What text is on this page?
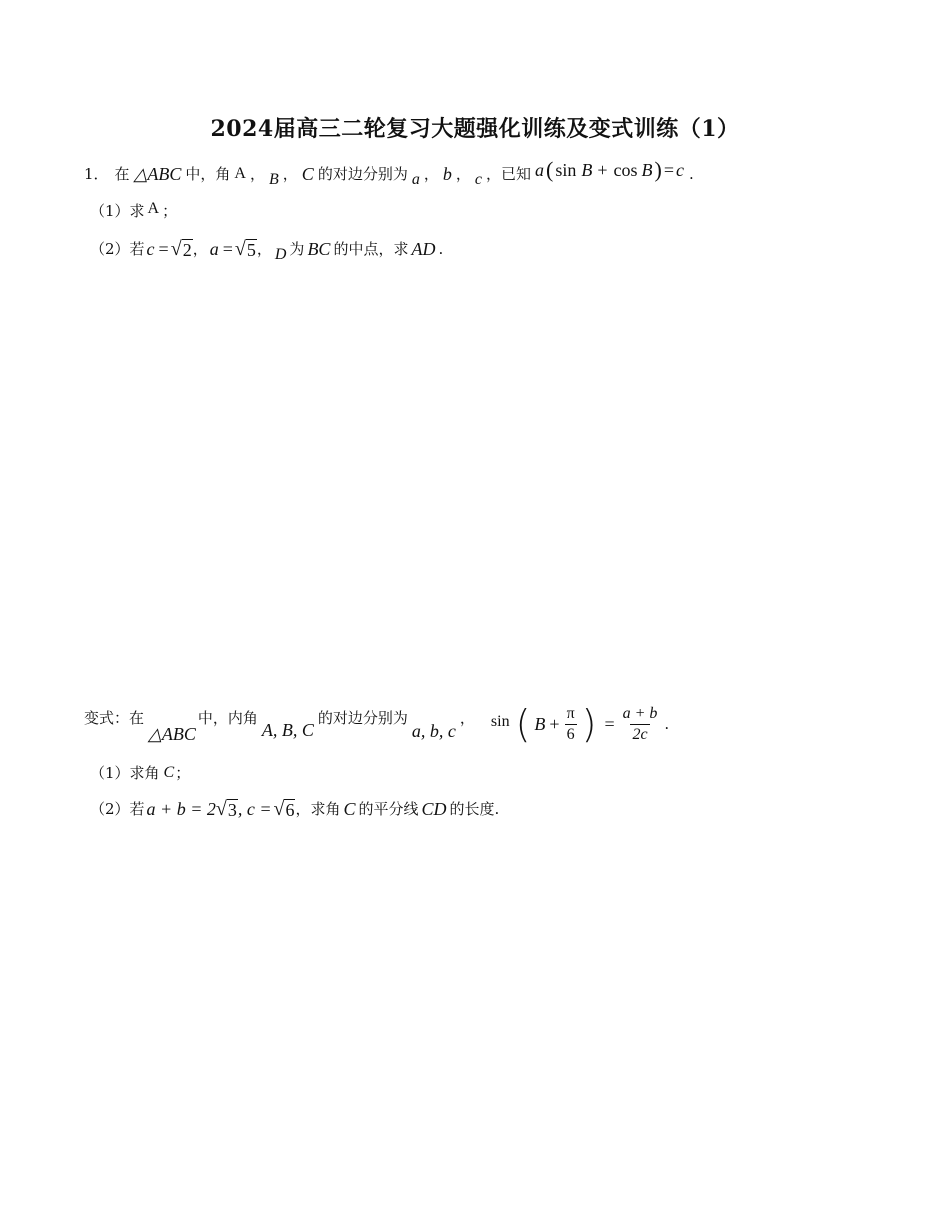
2024届高三二轮复习大题强化训练及变式训练（1）
1． 在 △ABC 中，角 A ， B ， C 的对边分别为 a ， b ， c ，已知 a ( sin B + cos B ) = c .
（1）求 A ；
（2）若 c = √ 2 ， a = √ 5 ， D 为 BC 的中点，求 AD .
变式：在
△ABC
中，内角
A, B, C
的对边分别为
a, b, c
， sin ( $B + \frac{\pi}{6}$ ) = $\frac{a + b}{2c}$ .
（1）求角 C ；
（2）若 a + b = 2 √ 3 , c = √ 6 ，求角 C 的平分线 CD 的长度.
